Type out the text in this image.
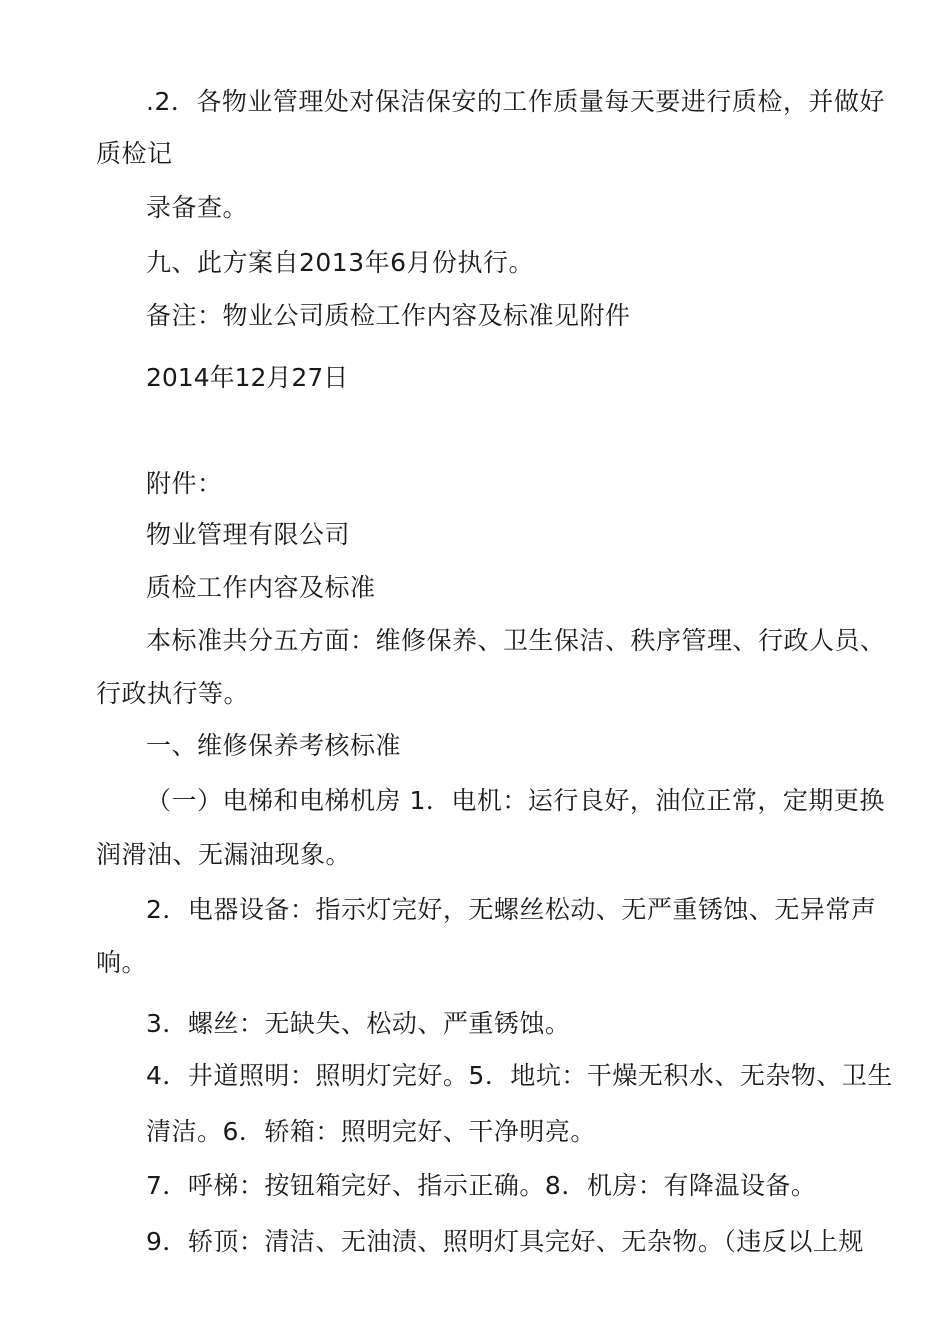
.2．各物业管理处对保洁保安的工作质量每天要进行质检，并做好
质检记
录备查。
九、此方案自2013年6月份执行。
备注：物业公司质检工作内容及标准见附件
2014年12月27日
附件：
物业管理有限公司
质检工作内容及标准
本标准共分五方面：维修保养、卫生保洁、秩序管理、行政人员、
行政执行等。
一、维修保养考核标准
（一）电梯和电梯机房 1．电机：运行良好，油位正常，定期更换
润滑油、无漏油现象。
2．电器设备：指示灯完好，无螺丝松动、无严重锈蚀、无异常声
响。
3．螺丝：无缺失、松动、严重锈蚀。
4．井道照明：照明灯完好。5．地坑：干燥无积水、无杂物、卫生
清洁。6．轿箱：照明完好、干净明亮。
7．呼梯：按钮箱完好、指示正确。8．机房：有降温设备。
9．轿顶：清洁、无油渍、照明灯具完好、无杂物。（违反以上规
